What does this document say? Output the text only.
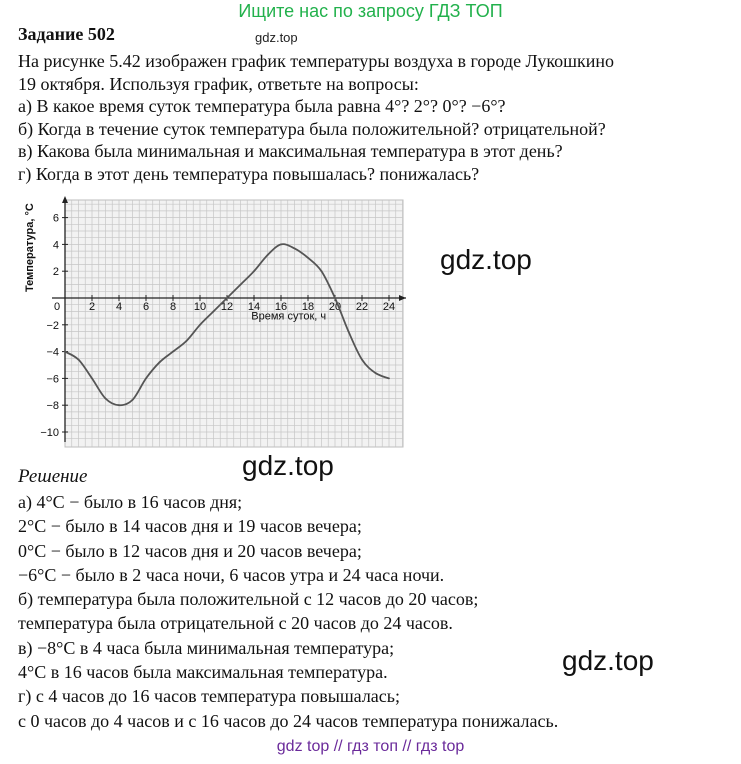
Ищите нас по запросу ГДЗ ТОП
Задание 502	gdz.top
На рисунке 5.42 изображен график температуры воздуха в городе Лукошкино
19 октября. Используя график, ответьте на вопросы:
а) В какое время суток температура была равна 4°? 2°? 0°? −6°?
б) Когда в течение суток температура была положительной? отрицательной?
в) Какова была минимальная и максимальная температура в этот день?
г) Когда в этот день температура повышалась? понижалась?
2 4 6 8 10 12 14 16 18 20 22 24
0
6
4
2
−2
−4
−6
−8
−10
Время суток, ч
Температура, °C	gdz.top
gdz.top
gdz.top
Решение
а) 4°C − было в 16 часов дня;
2°C − было в 14 часов дня и 19 часов вечера;
0°C − было в 12 часов дня и 20 часов вечера;
−6°C − было в 2 часа ночи, 6 часов утра и 24 часа ночи.
б) температура была положительной с 12 часов до 20 часов;
температура была отрицательной с 20 часов до 24 часов.
в) −8°C в 4 часа была минимальная температура;
4°C в 16 часов была максимальная температура.
г) с 4 часов до 16 часов температура повышалась;
с 0 часов до 4 часов и с 16 часов до 24 часов температура понижалась.
gdz top // гдз топ // гдз top
